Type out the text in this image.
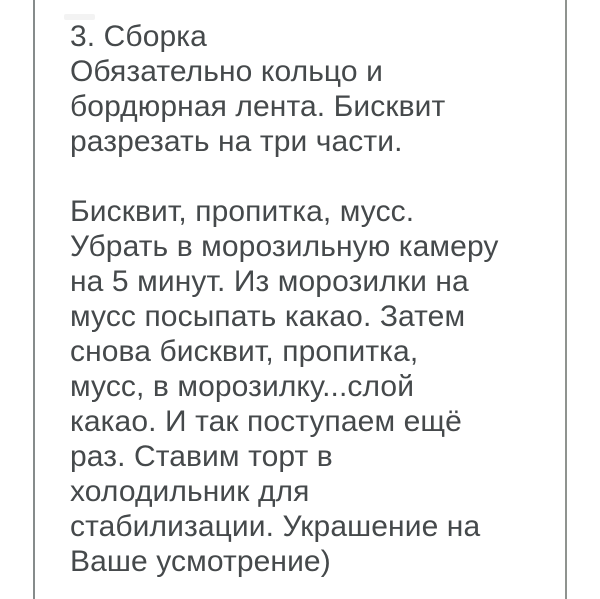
3. Сборка
Обязательно кольцо и
бордюрная лента. Бисквит
разрезать на три части.
Бисквит, пропитка, мусс.
Убрать в морозильную камеру
на 5 минут. Из морозилки на
мусс посыпать какао. Затем
снова бисквит, пропитка,
мусс, в морозилку...слой
какао. И так поступаем ещё
раз. Ставим торт в
холодильник для
стабилизации. Украшение на
Ваше усмотрение)
